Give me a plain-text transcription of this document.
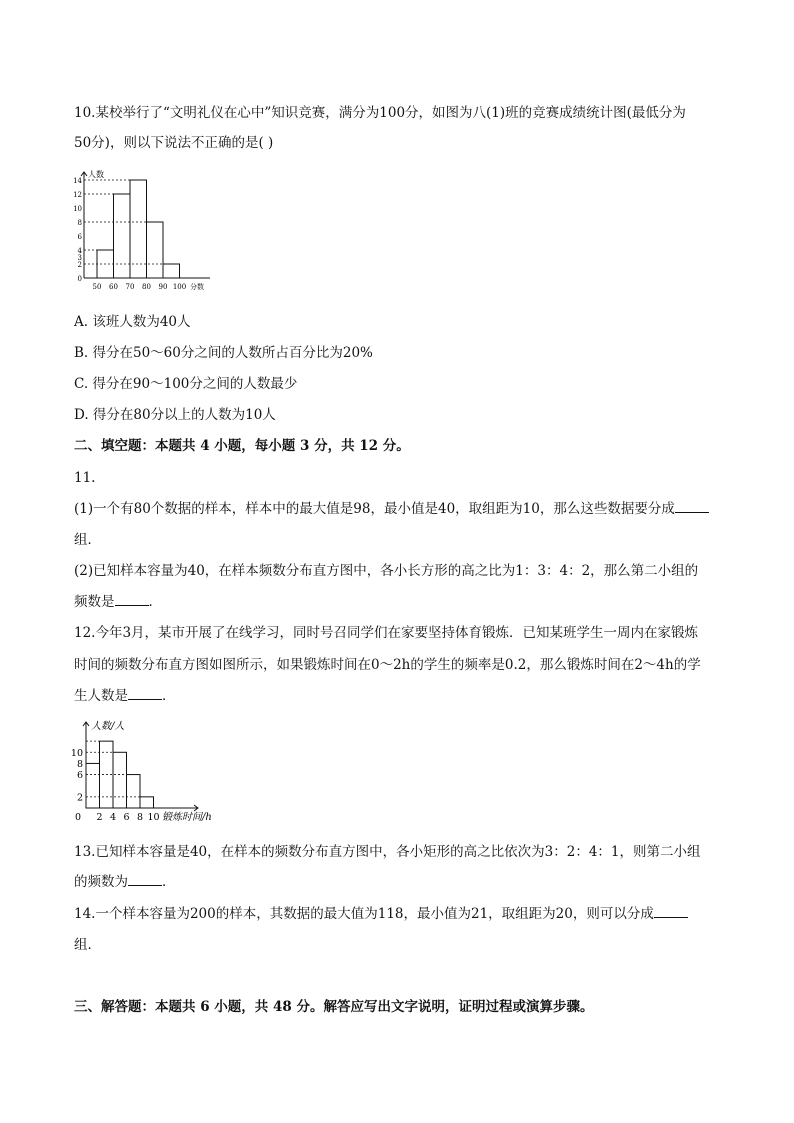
10.某校举行了“文明礼仪在心中”知识竞赛，满分为100分，如图为八(1)班的竞赛成绩统计图(最低分为
50分)，则以下说法不正确的是( )
人数
0
2
3
4
6
8
10
12
14
50 60 70 80 90 100 分数
A. 该班人数为40人
B. 得分在50～60分之间的人数所占百分比为20%
C. 得分在90～100分之间的人数最少
D. 得分在80分以上的人数为10人
二、填空题：本题共 4 小题，每小题 3 分，共 12 分。
11.
(1)一个有80个数据的样本，样本中的最大值是98，最小值是40，取组距为10，那么这些数据要分成
组．
(2)已知样本容量为40，在样本频数分布直方图中，各小长方形的高之比为1：3：4：2，那么第二小组的
频数是	．
12.今年3月，某市开展了在线学习，同时号召同学们在家要坚持体育锻炼．已知某班学生一周内在家锻炼
时间的频数分布直方图如图所示，如果锻炼时间在0～2h的学生的频率是0.2，那么锻炼时间在2～4h的学
生人数是	．
人数/人
2
6
8
10
0 2 4 6 8 10 锻炼时间/h
13.已知样本容量是40，在样本的频数分布直方图中，各小矩形的高之比依次为3：2：4：1，则第二小组
的频数为	．
14.一个样本容量为200的样本，其数据的最大值为118，最小值为21，取组距为20，则可以分成
组．
三、解答题：本题共 6 小题，共 48 分。解答应写出文字说明，证明过程或演算步骤。
